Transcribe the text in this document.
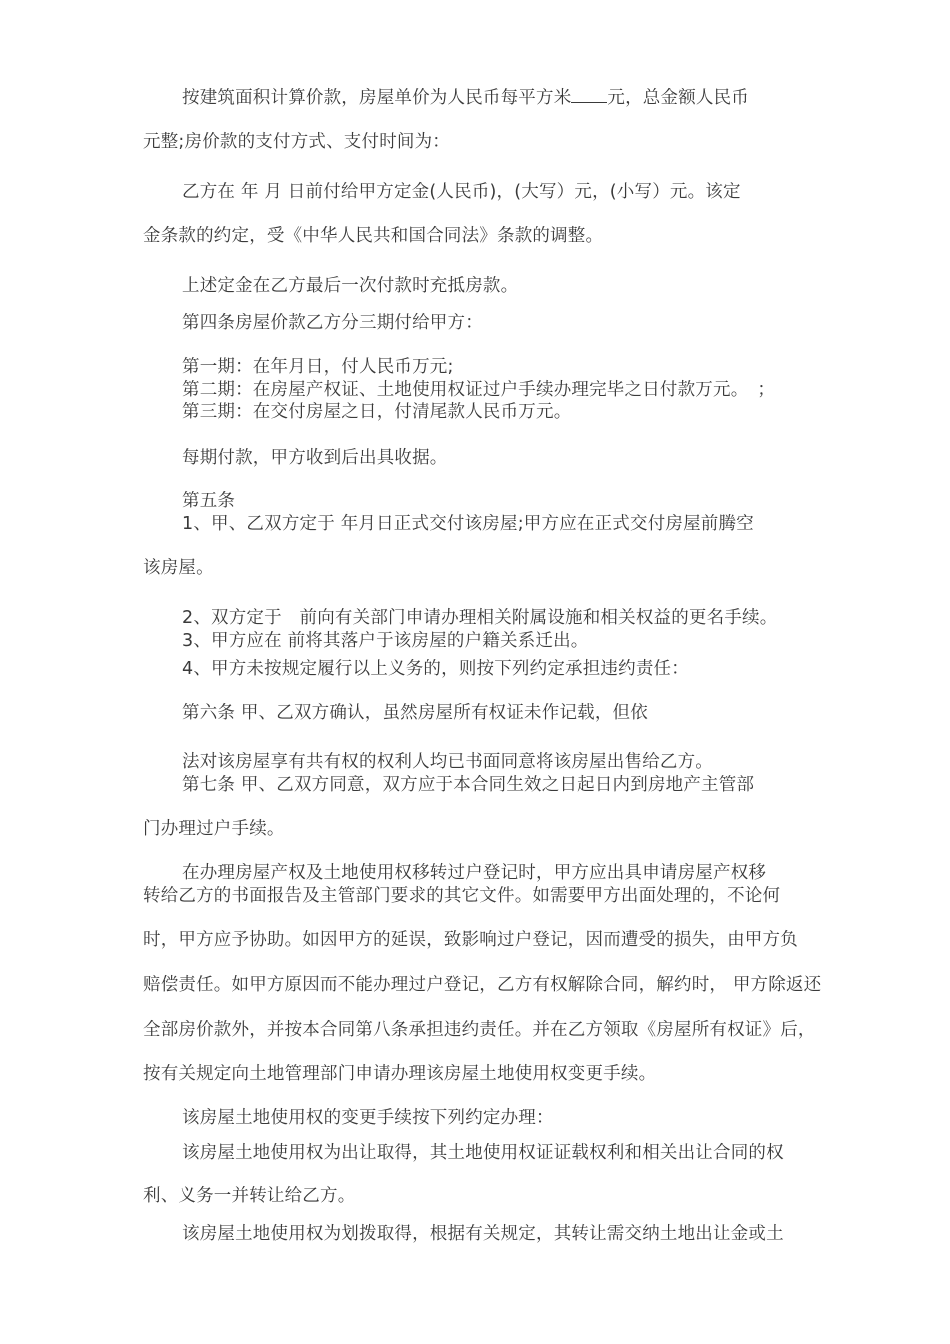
按建筑面积计算价款，房屋单价为人民币每平方米 元，总金额人民币
元整;房价款的支付方式、支付时间为：
乙方在 年 月 日前付给甲方定金(人民币)，(大写）元，(小写）元。该定
金条款的约定，受《中华人民共和国合同法》条款的调整。
上述定金在乙方最后一次付款时充抵房款。
第四条房屋价款乙方分三期付给甲方：
第一期：在年月日，付人民币万元;
第二期：在房屋产权证、土地使用权证过户手续办理完毕之日付款万元。　；
第三期：在交付房屋之日，付清尾款人民币万元。
每期付款，甲方收到后出具收据。
第五条
1、甲、乙双方定于 年月日正式交付该房屋;甲方应在正式交付房屋前腾空
该房屋。
2、双方定于　前向有关部门申请办理相关附属设施和相关权益的更名手续。
3、甲方应在 前将其落户于该房屋的户籍关系迁出。
4、甲方未按规定履行以上义务的，则按下列约定承担违约责任：
第六条 甲、乙双方确认，虽然房屋所有权证未作记载，但依
法对该房屋享有共有权的权利人均已书面同意将该房屋出售给乙方。
第七条 甲、乙双方同意，双方应于本合同生效之日起日内到房地产主管部
门办理过户手续。
在办理房屋产权及土地使用权移转过户登记时，甲方应出具申请房屋产权移
转给乙方的书面报告及主管部门要求的其它文件。如需要甲方出面处理的，不论何
时，甲方应予协助。如因甲方的延误，致影响过户登记，因而遭受的损失，由甲方负
赔偿责任。如甲方原因而不能办理过户登记，乙方有权解除合同，解约时， 甲方除返还
全部房价款外，并按本合同第八条承担违约责任。并在乙方领取《房屋所有权证》后，
按有关规定向土地管理部门申请办理该房屋土地使用权变更手续。
该房屋土地使用权的变更手续按下列约定办理：
该房屋土地使用权为出让取得，其土地使用权证证载权利和相关出让合同的权
利、义务一并转让给乙方。
该房屋土地使用权为划拨取得，根据有关规定，其转让需交纳土地出让金或土
